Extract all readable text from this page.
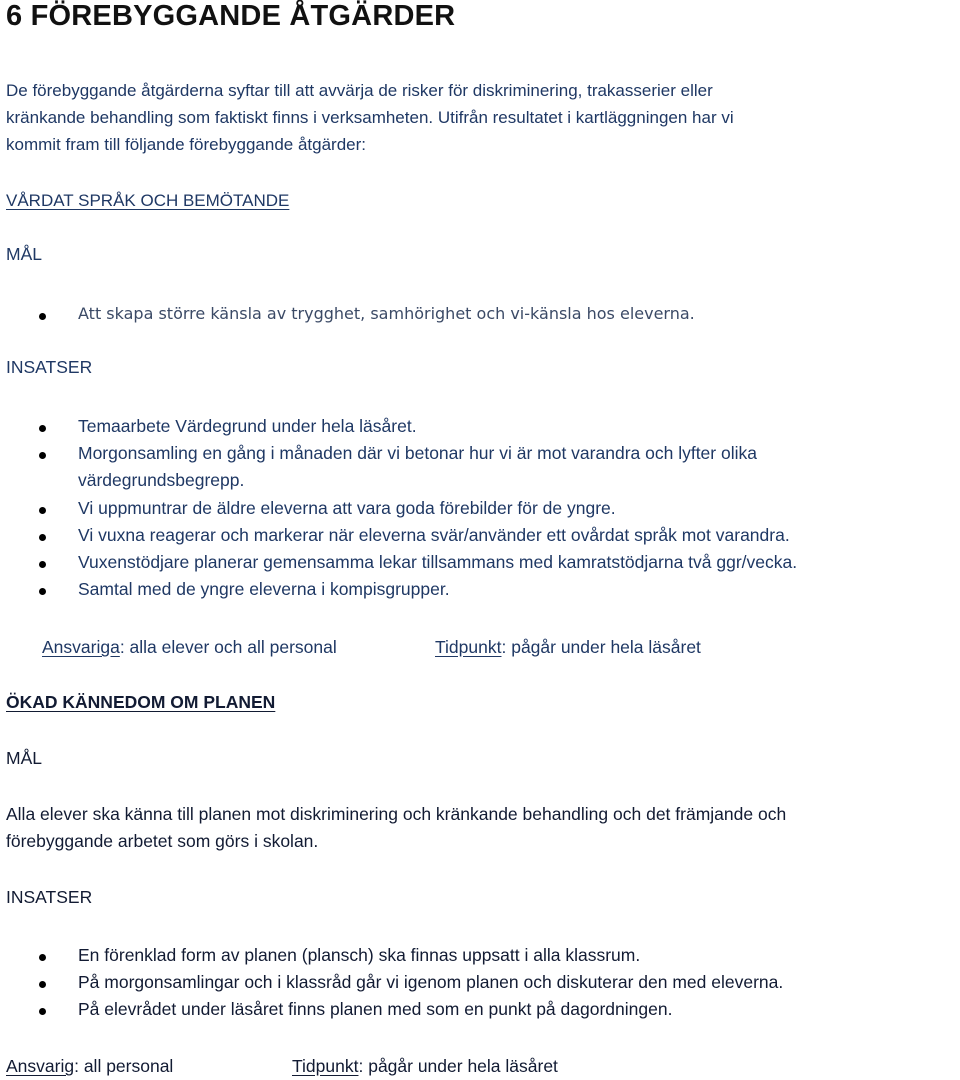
6 FÖREBYGGANDE ÅTGÄRDER

De förebyggande åtgärderna syftar till att avvärja de risker för diskriminering, trakasserier eller

kränkande behandling som faktiskt finns i verksamheten. Utifrån resultatet i kartläggningen har vi

kommit fram till följande förebyggande åtgärder:

VÅRDAT SPRÅK OCH BEMÖTANDE
MÅL
Att skapa större känsla av trygghet, samhörighet och vi-känsla hos eleverna.
INSATSER
Temaarbete Värdegrund under hela läsåret.
Morgonsamling en gång i månaden där vi betonar hur vi är mot varandra och lyfter olika
värdegrundsbegrepp.
Vi uppmuntrar de äldre eleverna att vara goda förebilder för de yngre.
Vi vuxna reagerar och markerar när eleverna svär/använder ett ovårdat språk mot varandra.
Vuxenstödjare planerar gemensamma lekar tillsammans med kamratstödjarna två ggr/vecka.
Samtal med de yngre eleverna i kompisgrupper.
Ansvariga: alla elever och all personal	Tidpunkt: pågår under hela läsåret
ÖKAD KÄNNEDOM OM PLANEN
MÅL

Alla elever ska känna till planen mot diskriminering och kränkande behandling och det främjande och

förebyggande arbetet som görs i skolan.

INSATSER
En förenklad form av planen (plansch) ska finnas uppsatt i alla klassrum.
På morgonsamlingar och i klassråd går vi igenom planen och diskuterar den med eleverna.
På elevrådet under läsåret finns planen med som en punkt på dagordningen.
Ansvarig: all personal	Tidpunkt: pågår under hela läsåret
